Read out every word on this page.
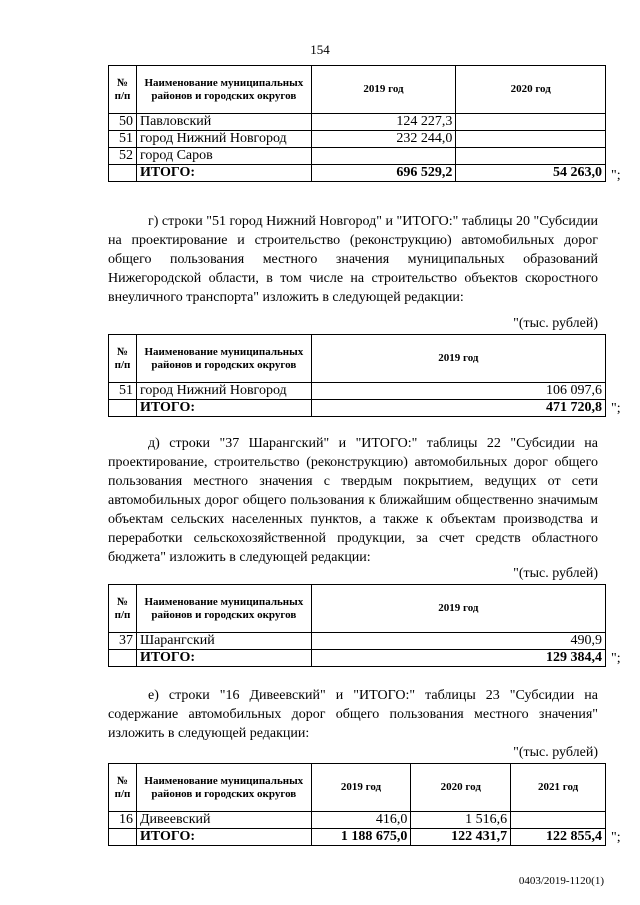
154
№ п/п	Наименование муниципальных районов и городских округов	2019 год	2020 год
50	Павловский	124 227,3	
51	город Нижний Новгород	232 244,0	
52	город Саров		
	ИТОГО:	696 529,2	54 263,0 ";
г) строки "51 город Нижний Новгород" и "ИТОГО:" таблицы 20 "Субсидии на проектирование и строительство (реконструкцию) автомобильных дорог общего пользования местного значения муниципальных образований Нижегородской области, в том числе на строительство объектов скоростного внеуличного транспорта" изложить в следующей редакции:
"(тыс. рублей)
№ п/п	Наименование муниципальных районов и городских округов	2019 год
51	город Нижний Новгород	106 097,6
	ИТОГО:	471 720,8 ";
д) строки "37 Шарангский" и "ИТОГО:" таблицы 22 "Субсидии на проектирование, строительство (реконструкцию) автомобильных дорог общего пользования местного значения с твердым покрытием, ведущих от сети автомобильных дорог общего пользования к ближайшим общественно значимым объектам сельских населенных пунктов, а также к объектам производства и переработки сельскохозяйственной продукции, за счет средств областного бюджета" изложить в следующей редакции:
"(тыс. рублей)
№ п/п	Наименование муниципальных районов и городских округов	2019 год
37	Шарангский	490,9
	ИТОГО:	129 384,4 ";
е) строки "16 Дивеевский" и "ИТОГО:" таблицы 23 "Субсидии на содержание автомобильных дорог общего пользования местного значения" изложить в следующей редакции:
"(тыс. рублей)
№ п/п	Наименование муниципальных районов и городских округов	2019 год	2020 год	2021 год
16	Дивеевский	416,0	1 516,6	
	ИТОГО:	1 188 675,0	122 431,7	122 855,4 ";
0403/2019-1120(1)
